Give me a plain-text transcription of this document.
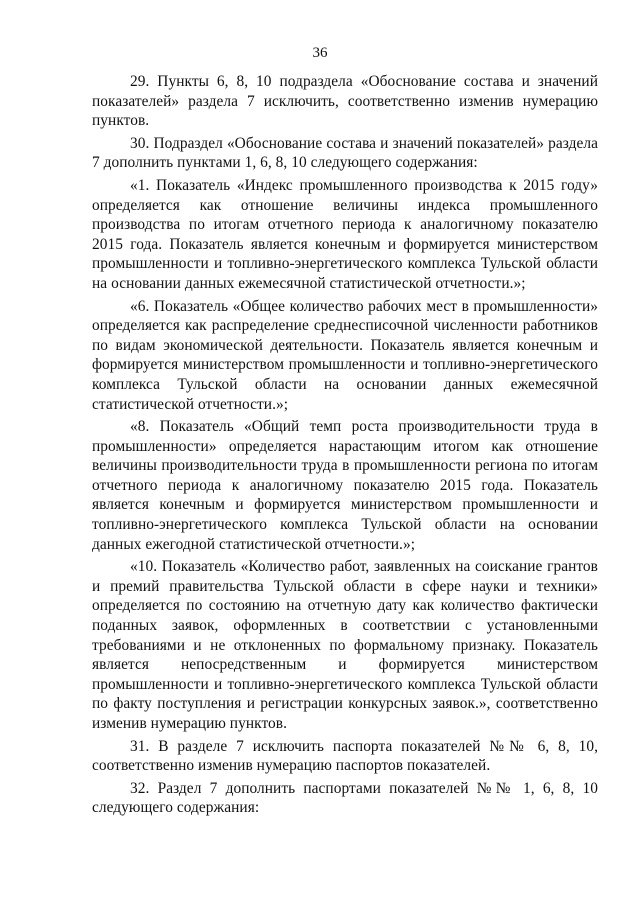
36

29. Пункты 6, 8, 10 подраздела «Обоснование состава и значений показателей» раздела 7 исключить, соответственно изменив нумерацию пунктов.

30. Подраздел «Обоснование состава и значений показателей» раздела 7 дополнить пунктами 1, 6, 8, 10 следующего содержания:

«1. Показатель «Индекс промышленного производства к 2015 году» определяется как отношение величины индекса промышленного производства по итогам отчетного периода к аналогичному показателю 2015 года. Показатель является конечным и формируется министерством промышленности и топливно-энергетического комплекса Тульской области на основании данных ежемесячной статистической отчетности.»;

«6. Показатель «Общее количество рабочих мест в промышленности» определяется как распределение среднесписочной численности работников по видам экономической деятельности. Показатель является конечным и формируется министерством промышленности и топливно-энергетического комплекса Тульской области на основании данных ежемесячной статистической отчетности.»;

«8. Показатель «Общий темп роста производительности труда в промышленности» определяется нарастающим итогом как отношение величины производительности труда в промышленности региона по итогам отчетного периода к аналогичному показателю 2015 года. Показатель является конечным и формируется министерством промышленности и топливно-энергетического комплекса Тульской области на основании данных ежегодной статистической отчетности.»;

«10. Показатель «Количество работ, заявленных на соискание грантов и премий правительства Тульской области в сфере науки и техники» определяется по состоянию на отчетную дату как количество фактически поданных заявок, оформленных в соответствии с установленными требованиями и не отклоненных по формальному признаку. Показатель является непосредственным и формируется министерством промышленности и топливно-энергетического комплекса Тульской области по факту поступления и регистрации конкурсных заявок.», соответственно изменив нумерацию пунктов.

31. В разделе 7 исключить паспорта показателей №№ 6, 8, 10, соответственно изменив нумерацию паспортов показателей.

32. Раздел 7 дополнить паспортами показателей №№ 1, 6, 8, 10 следующего содержания:
